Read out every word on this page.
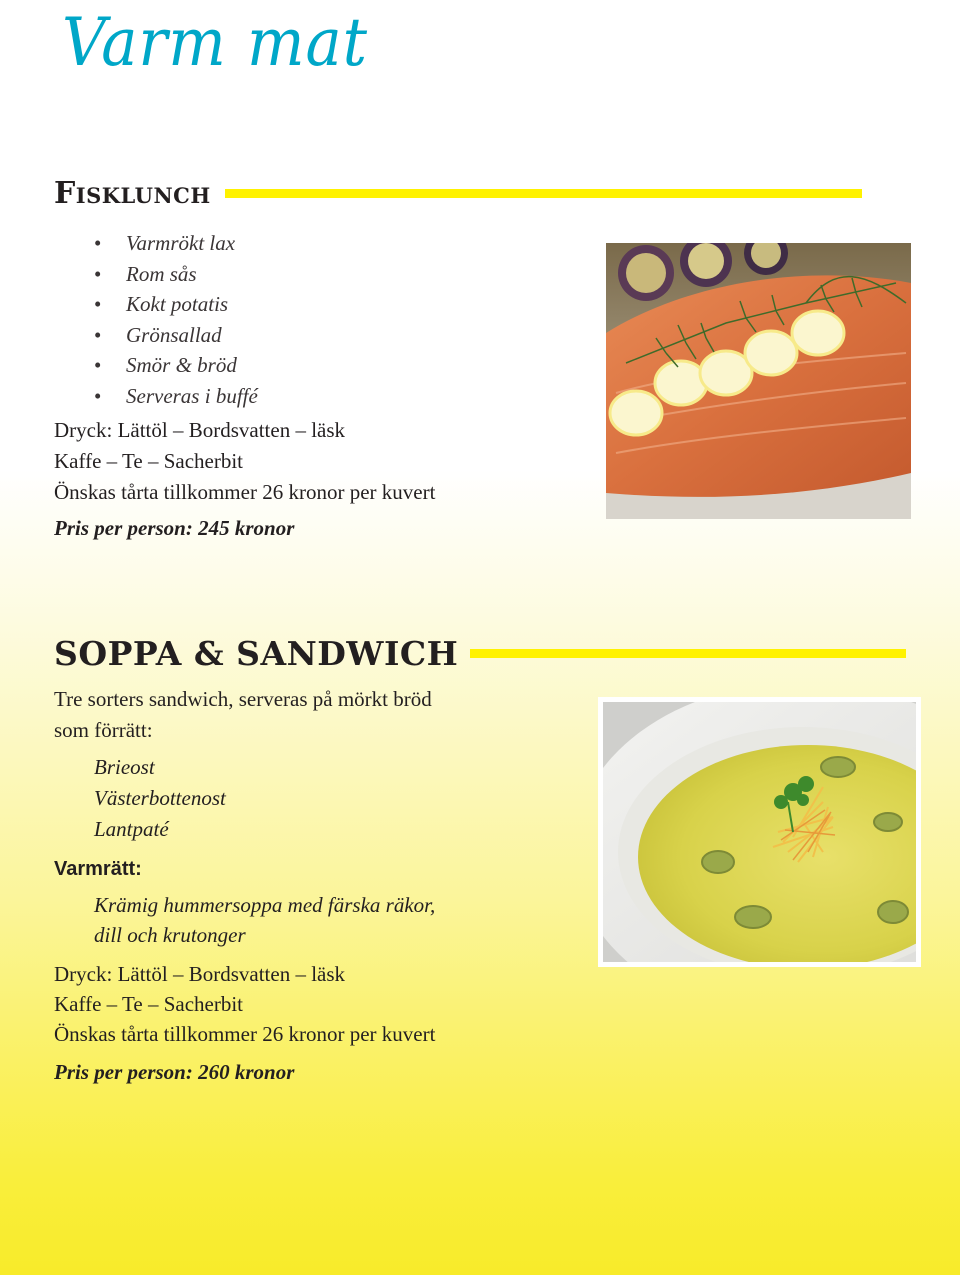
Varm mat
Fisklunch
• Varmrökt lax
• Rom sås
• Kokt potatis
• Grönsallad
• Smör & bröd
• Serveras i buffé
Dryck: Lättöl – Bordsvatten – läsk
Kaffe – Te – Sacherbit
Önskas tårta tillkommer 26 kronor per kuvert
Pris per person: 245 kronor
SOPPA & SANDWICH
Tre sorters sandwich, serveras på mörkt bröd
som förrätt:
Brieost
Västerbottenost
Lantpaté
Varmrätt:
Krämig hummersoppa med färska räkor,
dill och krutonger
Dryck: Lättöl – Bordsvatten – läsk
Kaffe – Te – Sacherbit
Önskas tårta tillkommer 26 kronor per kuvert
Pris per person: 260 kronor
